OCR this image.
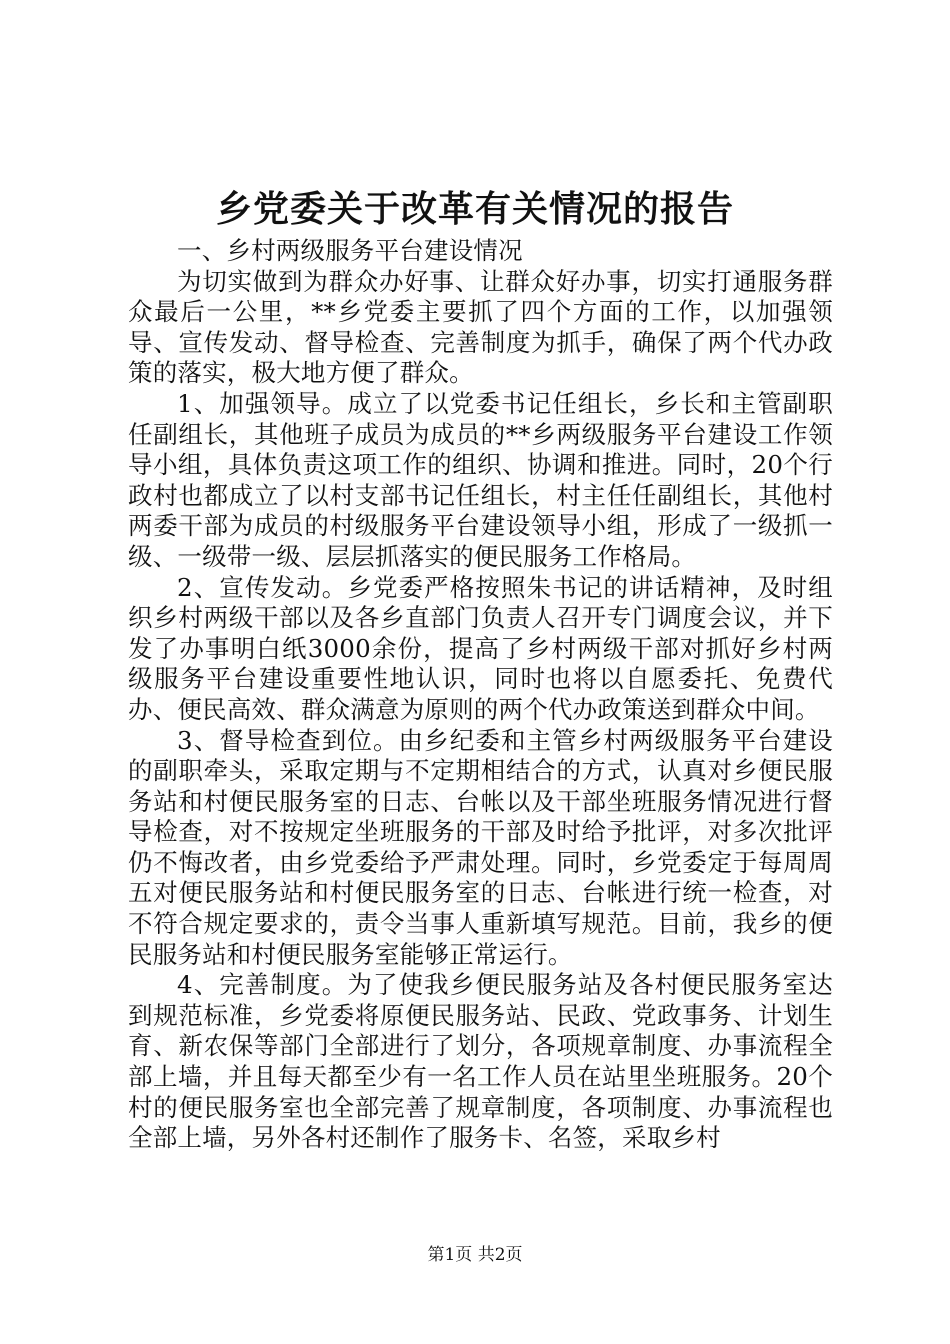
乡党委关于改革有关情况的报告

一、乡村两级服务平台建设情况

为切实做到为群众办好事、让群众好办事，切实打通服务群众最后一公里，**乡党委主要抓了四个方面的工作，以加强领导、宣传发动、督导检查、完善制度为抓手，确保了两个代办政策的落实，极大地方便了群众。

1、加强领导。成立了以党委书记任组长，乡长和主管副职任副组长，其他班子成员为成员的**乡两级服务平台建设工作领导小组，具体负责这项工作的组织、协调和推进。同时，20个行政村也都成立了以村支部书记任组长，村主任任副组长，其他村两委干部为成员的村级服务平台建设领导小组，形成了一级抓一级、一级带一级、层层抓落实的便民服务工作格局。

2、宣传发动。乡党委严格按照朱书记的讲话精神，及时组织乡村两级干部以及各乡直部门负责人召开专门调度会议，并下发了办事明白纸3000余份，提高了乡村两级干部对抓好乡村两级服务平台建设重要性地认识，同时也将以自愿委托、免费代办、便民高效、群众满意为原则的两个代办政策送到群众中间。

3、督导检查到位。由乡纪委和主管乡村两级服务平台建设的副职牵头，采取定期与不定期相结合的方式，认真对乡便民服务站和村便民服务室的日志、台帐以及干部坐班服务情况进行督导检查，对不按规定坐班服务的干部及时给予批评，对多次批评仍不悔改者，由乡党委给予严肃处理。同时，乡党委定于每周周五对便民服务站和村便民服务室的日志、台帐进行统一检查，对不符合规定要求的，责令当事人重新填写规范。目前，我乡的便民服务站和村便民服务室能够正常运行。

4、完善制度。为了使我乡便民服务站及各村便民服务室达到规范标准，乡党委将原便民服务站、民政、党政事务、计划生育、新农保等部门全部进行了划分，各项规章制度、办事流程全部上墙，并且每天都至少有一名工作人员在站里坐班服务。20个村的便民服务室也全部完善了规章制度，各项制度、办事流程也全部上墙，另外各村还制作了服务卡、名签，采取乡村

第1页 共2页
